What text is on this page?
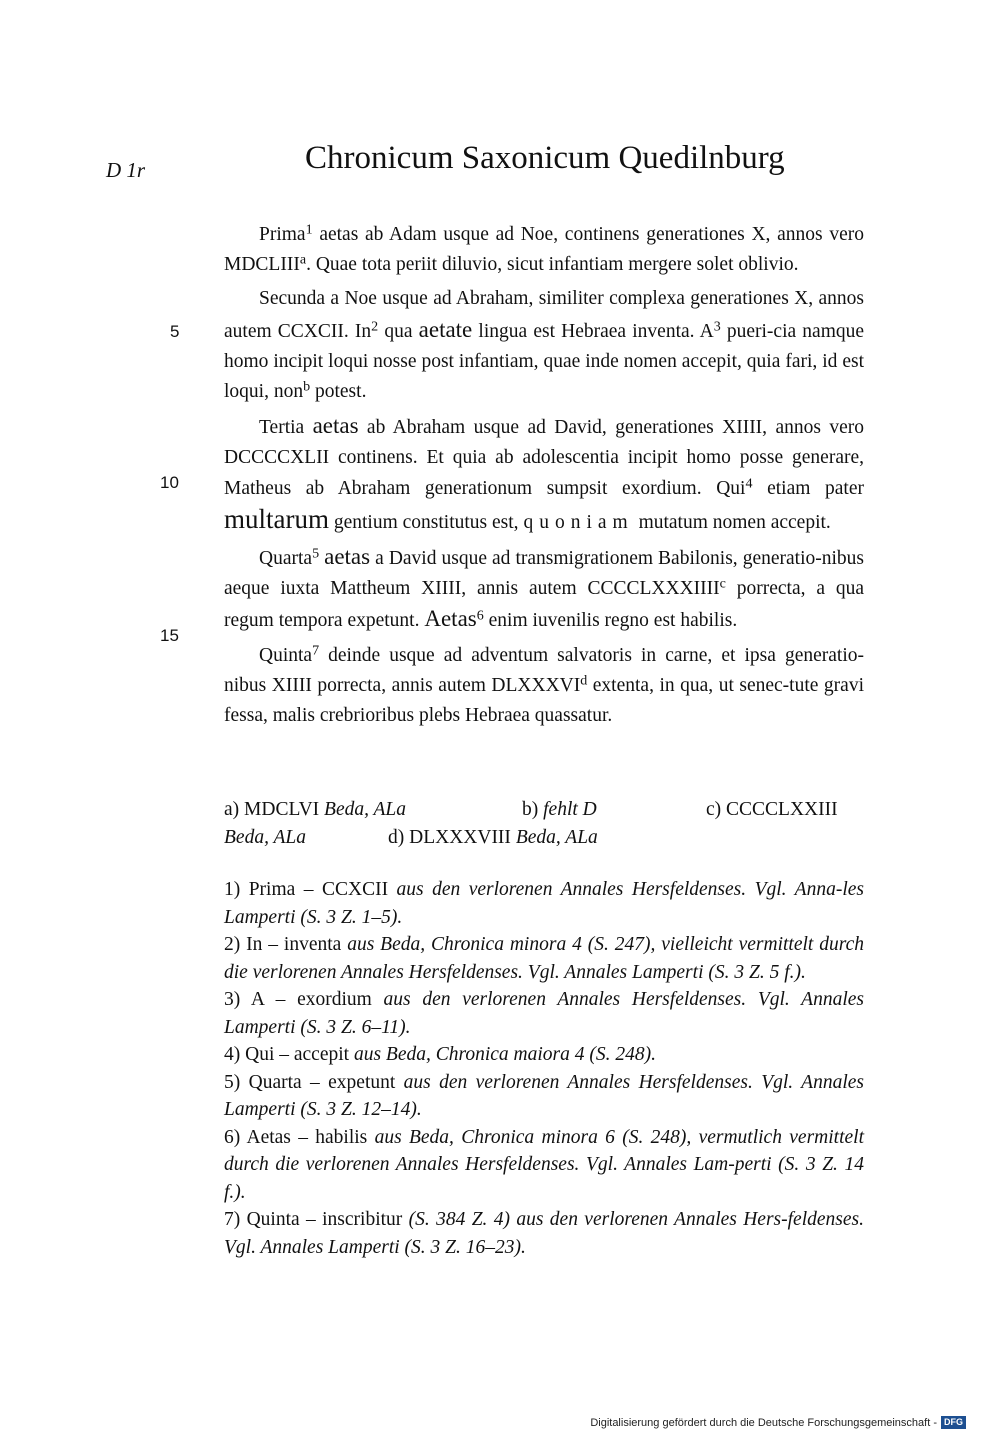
D 1r	Chronicum Saxonicum Quedilnburg
5
10
15

Prima$^1$ aetas ab Adam usque ad Noe, continens generationes X, annos vero MDCLIII$^a$. Quae tota periit diluvio, sicut infantiam mergere solet oblivio.

Secunda a Noe usque ad Abraham, similiter complexa generationes X, annos autem CCXCII. In$^2$ qua aetate lingua est Hebraea inventa. $A^3$ pueri-cia namque homo incipit loqui nosse post infantiam, quae inde nomen accepit, quia fari, id est loqui, non$^b$ potest.

Tertia aetas ab Abraham usque ad David, generationes XIIII, annos vero DCCCCXLII continens. Et quia ab adolescentia incipit homo posse generare, Matheus ab Abraham generationum sumpsit exordium. Qui$^4$ etiam pater multarum gentium constitutus est, quoniam mutatum nomen accepit.

Quarta$^5$ aetas a David usque ad transmigrationem Babilonis, generatio-nibus aeque iuxta Mattheum XIIII, annis autem CCCCLXXXIIII$^c$ porrecta, a qua regum tempora expetunt. Aetas$^6$ enim iuvenilis regno est habilis.

Quinta$^7$ deinde usque ad adventum salvatoris in carne, et ipsa generatio-nibus XIIII porrecta, annis autem DLXXXVI$^d$ extenta, in qua, ut senec-tute gravi fessa, malis crebrioribus plebs Hebraea quassatur.

a) MDCLVI Beda, ALa	b) fehlt D	c) CCCCLXXIII
Beda, ALa	d) DLXXXVIII Beda, ALa

1) Prima – CCXCII aus den verlorenen Annales Hersfeldenses. Vgl. Anna-les Lamperti (S. 3 Z. 1–5).

2) In – inventa aus Beda, Chronica minora 4 (S. 247), vielleicht vermittelt durch die verlorenen Annales Hersfeldenses. Vgl. Annales Lamperti (S. 3 Z. 5 f.).

3) A – exordium aus den verlorenen Annales Hersfeldenses. Vgl. Annales Lamperti (S. 3 Z. 6–11).

4) Qui – accepit aus Beda, Chronica maiora 4 (S. 248).

5) Quarta – expetunt aus den verlorenen Annales Hersfeldenses. Vgl. Annales Lamperti (S. 3 Z. 12–14).

6) Aetas – habilis aus Beda, Chronica minora 6 (S. 248), vermutlich vermittelt durch die verlorenen Annales Hersfeldenses. Vgl. Annales Lam-perti (S. 3 Z. 14 f.).

7) Quinta – inscribitur (S. 384 Z. 4) aus den verlorenen Annales Hers-feldenses. Vgl. Annales Lamperti (S. 3 Z. 16–23).

Digitalisierung gefördert durch die Deutsche Forschungsgemeinschaft - DFG
